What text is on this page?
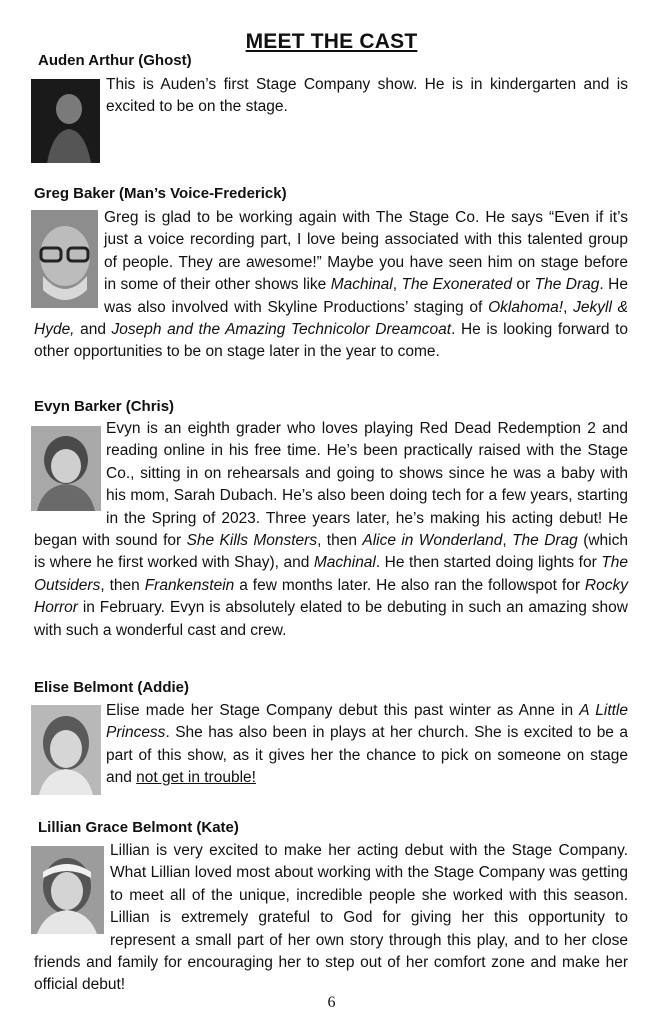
MEET THE CAST
Auden Arthur (Ghost)

This is Auden’s first Stage Company show. He is in kindergarten and is excited to be on the stage.

Greg Baker (Man’s Voice-Frederick)

Greg is glad to be working again with The Stage Co. He says “Even if it’s just a voice recording part, I love being associated with this talented group of people. They are awesome!” Maybe you have seen him on stage before in some of their other shows like Machinal, The Exonerated or The Drag. He was also involved with Skyline Productions’ staging of Oklahoma!, Jekyll & Hyde, and Joseph and the Amazing Technicolor Dreamcoat. He is looking forward to other opportunities to be on stage later in the year to come.

Evyn Barker (Chris)

Evyn is an eighth grader who loves playing Red Dead Redemption 2 and reading online in his free time. He’s been practically raised with the Stage Co., sitting in on rehearsals and going to shows since he was a baby with his mom, Sarah Dubach. He’s also been doing tech for a few years, starting in the Spring of 2023. Three years later, he’s making his acting debut! He began with sound for She Kills Monsters, then Alice in Wonderland, The Drag (which is where he first worked with Shay), and Machinal. He then started doing lights for The Outsiders, then Frankenstein a few months later. He also ran the followspot for Rocky Horror in February. Evyn is absolutely elated to be debuting in such an amazing show with such a wonderful cast and crew.

Elise Belmont (Addie)

Elise made her Stage Company debut this past winter as Anne in A Little Princess. She has also been in plays at her church. She is excited to be a part of this show, as it gives her the chance to pick on someone on stage and not get in trouble!

Lillian Grace Belmont (Kate)

Lillian is very excited to make her acting debut with the Stage Company. What Lillian loved most about working with the Stage Company was getting to meet all of the unique, incredible people she worked with this season. Lillian is extremely grateful to God for giving her this opportunity to represent a small part of her own story through this play, and to her close friends and family for encouraging her to step out of her comfort zone and make her official debut!

6
